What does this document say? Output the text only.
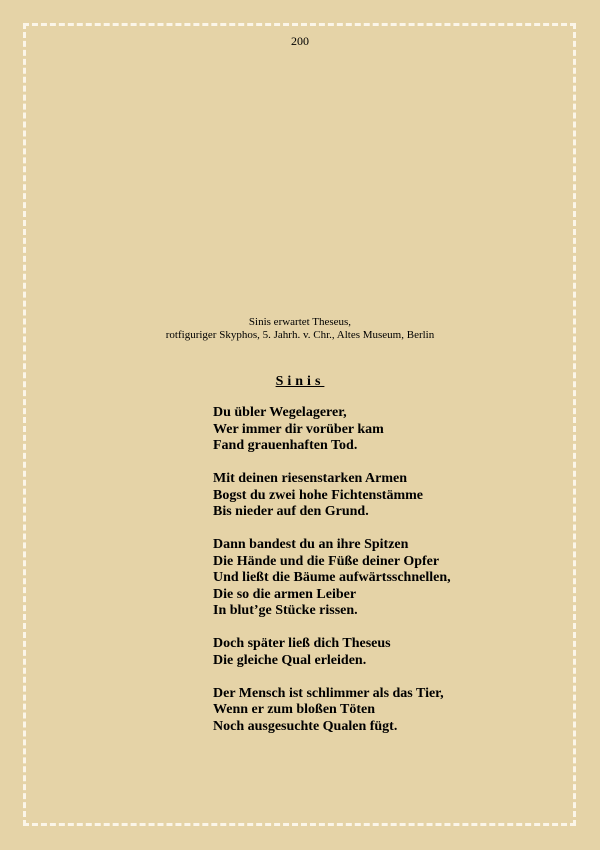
200
Sinis erwartet Theseus,
rotfiguriger Skyphos, 5. Jahrh. v. Chr., Altes Museum, Berlin
Sinis
Du übler Wegelagerer,
Wer immer dir vorüber kam
Fand grauenhaften Tod.
Mit deinen riesenstarken Armen
Bogst du zwei hohe Fichtenstämme
Bis nieder auf den Grund.
Dann bandest du an ihre Spitzen
Die Hände und die Füße deiner Opfer
Und ließt die Bäume aufwärtsschnellen,
Die so die armen Leiber
In blut’ge Stücke rissen.
Doch später ließ dich Theseus
Die gleiche Qual erleiden.
Der Mensch ist schlimmer als das Tier,
Wenn er zum bloßen Töten
Noch ausgesuchte Qualen fügt.
